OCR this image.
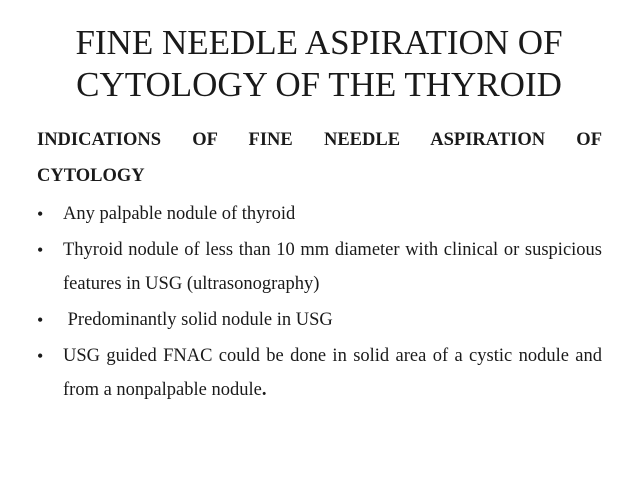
FINE NEEDLE ASPIRATION OF
CYTOLOGY OF THE THYROID
INDICATIONS OF FINE NEEDLE ASPIRATION OF
CYTOLOGY
• Any palpable nodule of thyroid
• Thyroid nodule of less than 10 mm diameter with clinical or suspicious features in USG (ultrasonography)
• Predominantly solid nodule in USG
• USG guided FNAC could be done in solid area of a cystic nodule and from a nonpalpable nodule.
